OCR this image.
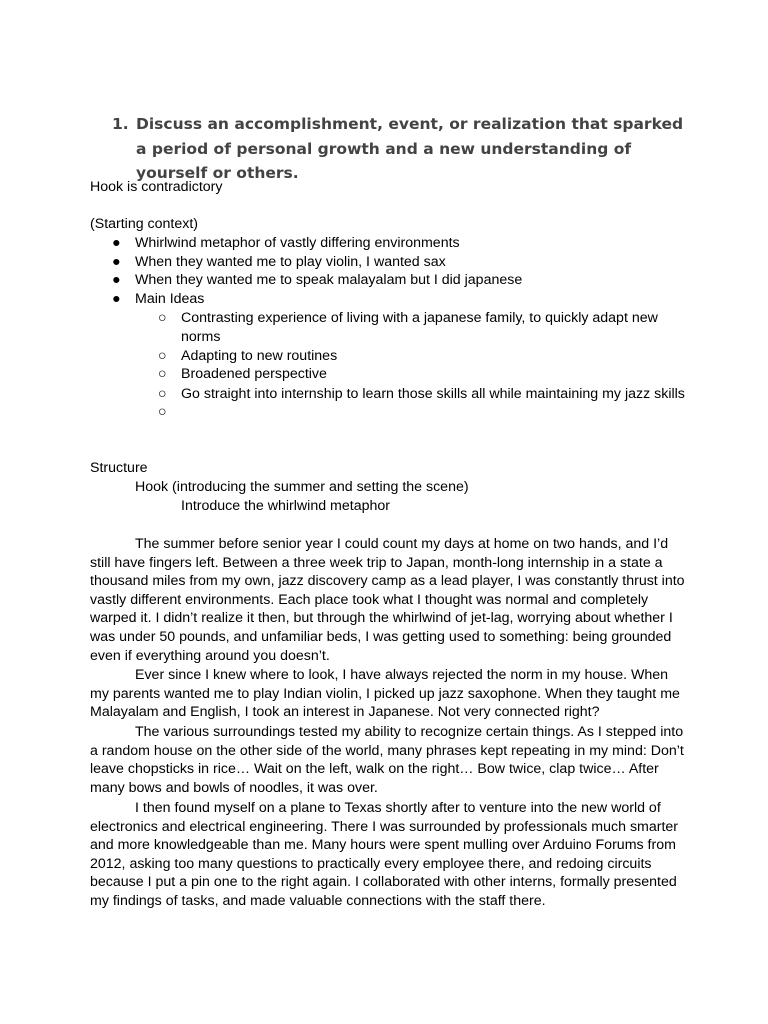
1. Discuss an accomplishment, event, or realization that sparked a period of personal growth and a new understanding of yourself or others.

Hook is contradictory

(Starting context)

● Whirlwind metaphor of vastly differing environments

● When they wanted me to play violin, I wanted sax

● When they wanted me to speak malayalam but I did japanese

● Main Ideas

○ Contrasting experience of living with a japanese family, to quickly adapt new norms

○ Adapting to new routines

○ Broadened perspective

○ Go straight into internship to learn those skills all while maintaining my jazz skills

○

Structure

Hook (introducing the summer and setting the scene)

Introduce the whirlwind metaphor

The summer before senior year I could count my days at home on two hands, and I’d still have fingers left. Between a three week trip to Japan, month-long internship in a state a thousand miles from my own, jazz discovery camp as a lead player, I was constantly thrust into vastly different environments. Each place took what I thought was normal and completely warped it. I didn’t realize it then, but through the whirlwind of jet-lag, worrying about whether I was under 50 pounds, and unfamiliar beds, I was getting used to something: being grounded even if everything around you doesn’t.

Ever since I knew where to look, I have always rejected the norm in my house. When my parents wanted me to play Indian violin, I picked up jazz saxophone. When they taught me Malayalam and English, I took an interest in Japanese. Not very connected right?

The various surroundings tested my ability to recognize certain things. As I stepped into a random house on the other side of the world, many phrases kept repeating in my mind: Don’t leave chopsticks in rice… Wait on the left, walk on the right… Bow twice, clap twice… After many bows and bowls of noodles, it was over.

I then found myself on a plane to Texas shortly after to venture into the new world of electronics and electrical engineering. There I was surrounded by professionals much smarter and more knowledgeable than me. Many hours were spent mulling over Arduino Forums from 2012, asking too many questions to practically every employee there, and redoing circuits because I put a pin one to the right again. I collaborated with other interns, formally presented my findings of tasks, and made valuable connections with the staff there.
